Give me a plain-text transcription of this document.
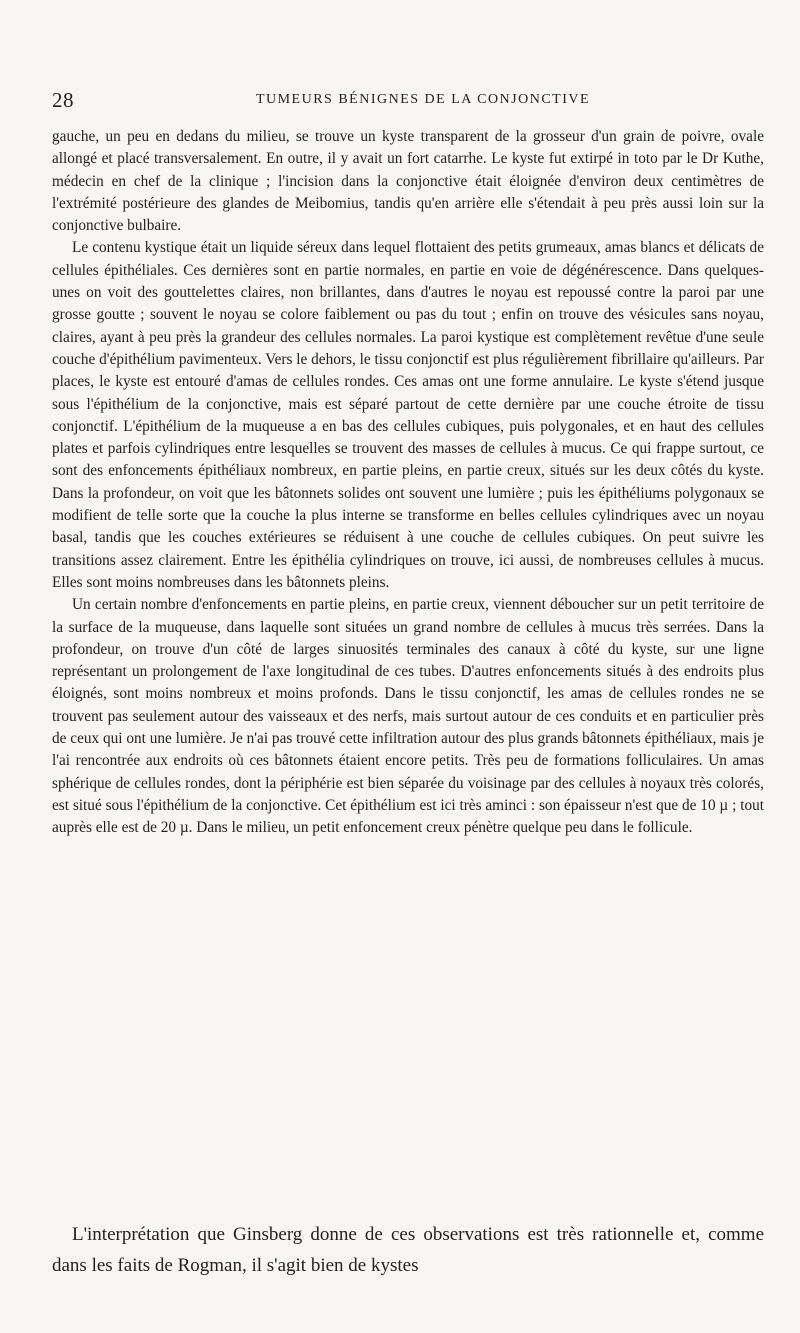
28	TUMEURS BÉNIGNES DE LA CONJONCTIVE

gauche, un peu en dedans du milieu, se trouve un kyste transparent de la grosseur d'un grain de poivre, ovale allongé et placé transversalement. En outre, il y avait un fort catarrhe. Le kyste fut extirpé in toto par le Dr Kuthe, médecin en chef de la clinique ; l'incision dans la conjonctive était éloignée d'environ deux centimètres de l'extrémité postérieure des glandes de Meibomius, tandis qu'en arrière elle s'étendait à peu près aussi loin sur la conjonctive bulbaire.

Le contenu kystique était un liquide séreux dans lequel flottaient des petits grumeaux, amas blancs et délicats de cellules épithéliales. Ces dernières sont en partie normales, en partie en voie de dégénérescence. Dans quelques-unes on voit des gouttelettes claires, non brillantes, dans d'autres le noyau est repoussé contre la paroi par une grosse goutte ; souvent le noyau se colore faiblement ou pas du tout ; enfin on trouve des vésicules sans noyau, claires, ayant à peu près la grandeur des cellules normales. La paroi kystique est complètement revêtue d'une seule couche d'épithélium pavimenteux. Vers le dehors, le tissu conjonctif est plus régulièrement fibrillaire qu'ailleurs. Par places, le kyste est entouré d'amas de cellules rondes. Ces amas ont une forme annulaire. Le kyste s'étend jusque sous l'épithélium de la conjonctive, mais est séparé partout de cette dernière par une couche étroite de tissu conjonctif. L'épithélium de la muqueuse a en bas des cellules cubiques, puis polygonales, et en haut des cellules plates et parfois cylindriques entre lesquelles se trouvent des masses de cellules à mucus. Ce qui frappe surtout, ce sont des enfoncements épithéliaux nombreux, en partie pleins, en partie creux, situés sur les deux côtés du kyste. Dans la profondeur, on voit que les bâtonnets solides ont souvent une lumière ; puis les épithéliums polygonaux se modifient de telle sorte que la couche la plus interne se transforme en belles cellules cylindriques avec un noyau basal, tandis que les couches extérieures se réduisent à une couche de cellules cubiques. On peut suivre les transitions assez clairement. Entre les épithélia cylindriques on trouve, ici aussi, de nombreuses cellules à mucus. Elles sont moins nombreuses dans les bâtonnets pleins.

Un certain nombre d'enfoncements en partie pleins, en partie creux, viennent déboucher sur un petit territoire de la surface de la muqueuse, dans laquelle sont situées un grand nombre de cellules à mucus très serrées. Dans la profondeur, on trouve d'un côté de larges sinuosités terminales des canaux à côté du kyste, sur une ligne représentant un prolongement de l'axe longitudinal de ces tubes. D'autres enfoncements situés à des endroits plus éloignés, sont moins nombreux et moins profonds. Dans le tissu conjonctif, les amas de cellules rondes ne se trouvent pas seulement autour des vaisseaux et des nerfs, mais surtout autour de ces conduits et en particulier près de ceux qui ont une lumière. Je n'ai pas trouvé cette infiltration autour des plus grands bâtonnets épithéliaux, mais je l'ai rencontrée aux endroits où ces bâtonnets étaient encore petits. Très peu de formations folliculaires. Un amas sphérique de cellules rondes, dont la périphérie est bien séparée du voisinage par des cellules à noyaux très colorés, est situé sous l'épithélium de la conjonctive. Cet épithélium est ici très aminci : son épaisseur n'est que de 10 µ ; tout auprès elle est de 20 µ. Dans le milieu, un petit enfoncement creux pénètre quelque peu dans le follicule.

L'interprétation que Ginsberg donne de ces observations est très rationnelle et, comme dans les faits de Rogman, il s'agit bien de kystes
